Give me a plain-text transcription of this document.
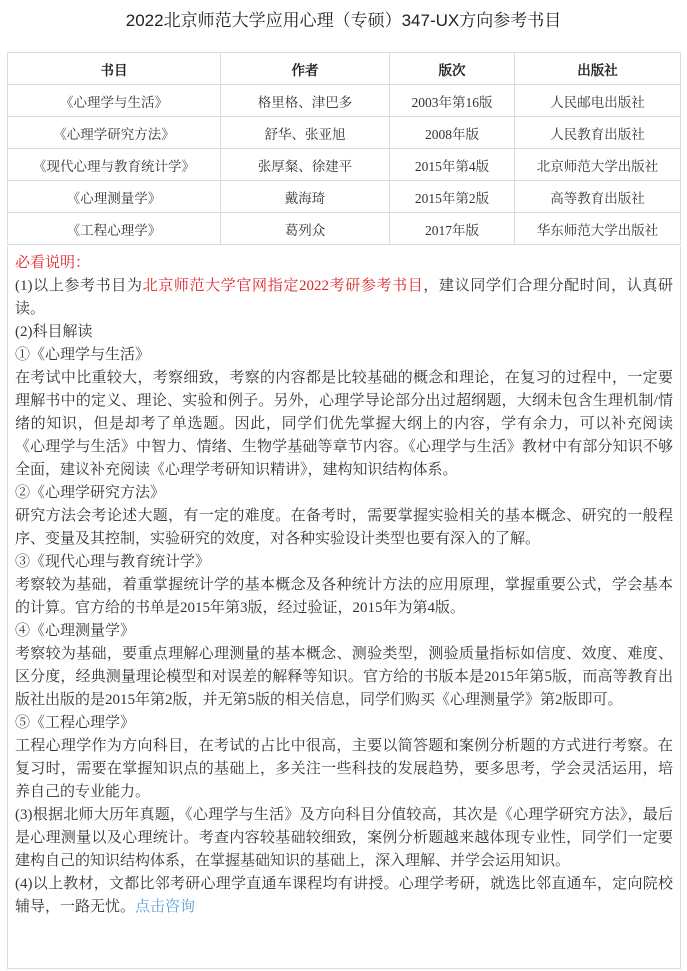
2022北京师范大学应用心理（专硕）347-UX方向参考书目
书目	作者	版次	出版社
《心理学与生活》	格里格、津巴多	2003年第16版	人民邮电出版社
《心理学研究方法》	舒华、张亚旭	2008年版	人民教育出版社
《现代心理与教育统计学》	张厚粲、徐建平	2015年第4版	北京师范大学出版社
《心理测量学》	戴海琦	2015年第2版	高等教育出版社
《工程心理学》	葛列众	2017年版	华东师范大学出版社

必看说明：

(1)以上参考书目为北京师范大学官网指定2022考研参考书目，建议同学们合理分配时间，认真研读。

(2)科目解读

①《心理学与生活》

在考试中比重较大，考察细致，考察的内容都是比较基础的概念和理论，在复习的过程中，一定要理解书中的定义、理论、实验和例子。另外，心理学导论部分出过超纲题，大纲未包含生理机制/情绪的知识，但是却考了单选题。因此，同学们优先掌握大纲上的内容，学有余力，可以补充阅读《心理学与生活》中智力、情绪、生物学基础等章节内容。《心理学与生活》教材中有部分知识不够全面，建议补充阅读《心理学考研知识精讲》，建构知识结构体系。

②《心理学研究方法》

研究方法会考论述大题，有一定的难度。在备考时，需要掌握实验相关的基本概念、研究的一般程序、变量及其控制，实验研究的效度，对各种实验设计类型也要有深入的了解。

③《现代心理与教育统计学》

考察较为基础，着重掌握统计学的基本概念及各种统计方法的应用原理，掌握重要公式，学会基本的计算。官方给的书单是2015年第3版，经过验证，2015年为第4版。

④《心理测量学》

考察较为基础，要重点理解心理测量的基本概念、测验类型，测验质量指标如信度、效度、难度、区分度，经典测量理论模型和对误差的解释等知识。官方给的书版本是2015年第5版，而高等教育出版社出版的是2015年第2版，并无第5版的相关信息，同学们购买《心理测量学》第2版即可。

⑤《工程心理学》

工程心理学作为方向科目，在考试的占比中很高，主要以简答题和案例分析题的方式进行考察。在复习时，需要在掌握知识点的基础上，多关注一些科技的发展趋势，要多思考，学会灵活运用，培养自己的专业能力。

(3)根据北师大历年真题，《心理学与生活》及方向科目分值较高，其次是《心理学研究方法》，最后是心理测量以及心理统计。考查内容较基础较细致，案例分析题越来越体现专业性，同学们一定要建构自己的知识结构体系，在掌握基础知识的基础上，深入理解、并学会运用知识。

(4)以上教材，文都比邻考研心理学直通车课程均有讲授。心理学考研，就选比邻直通车，定向院校辅导，一路无忧。点击咨询
